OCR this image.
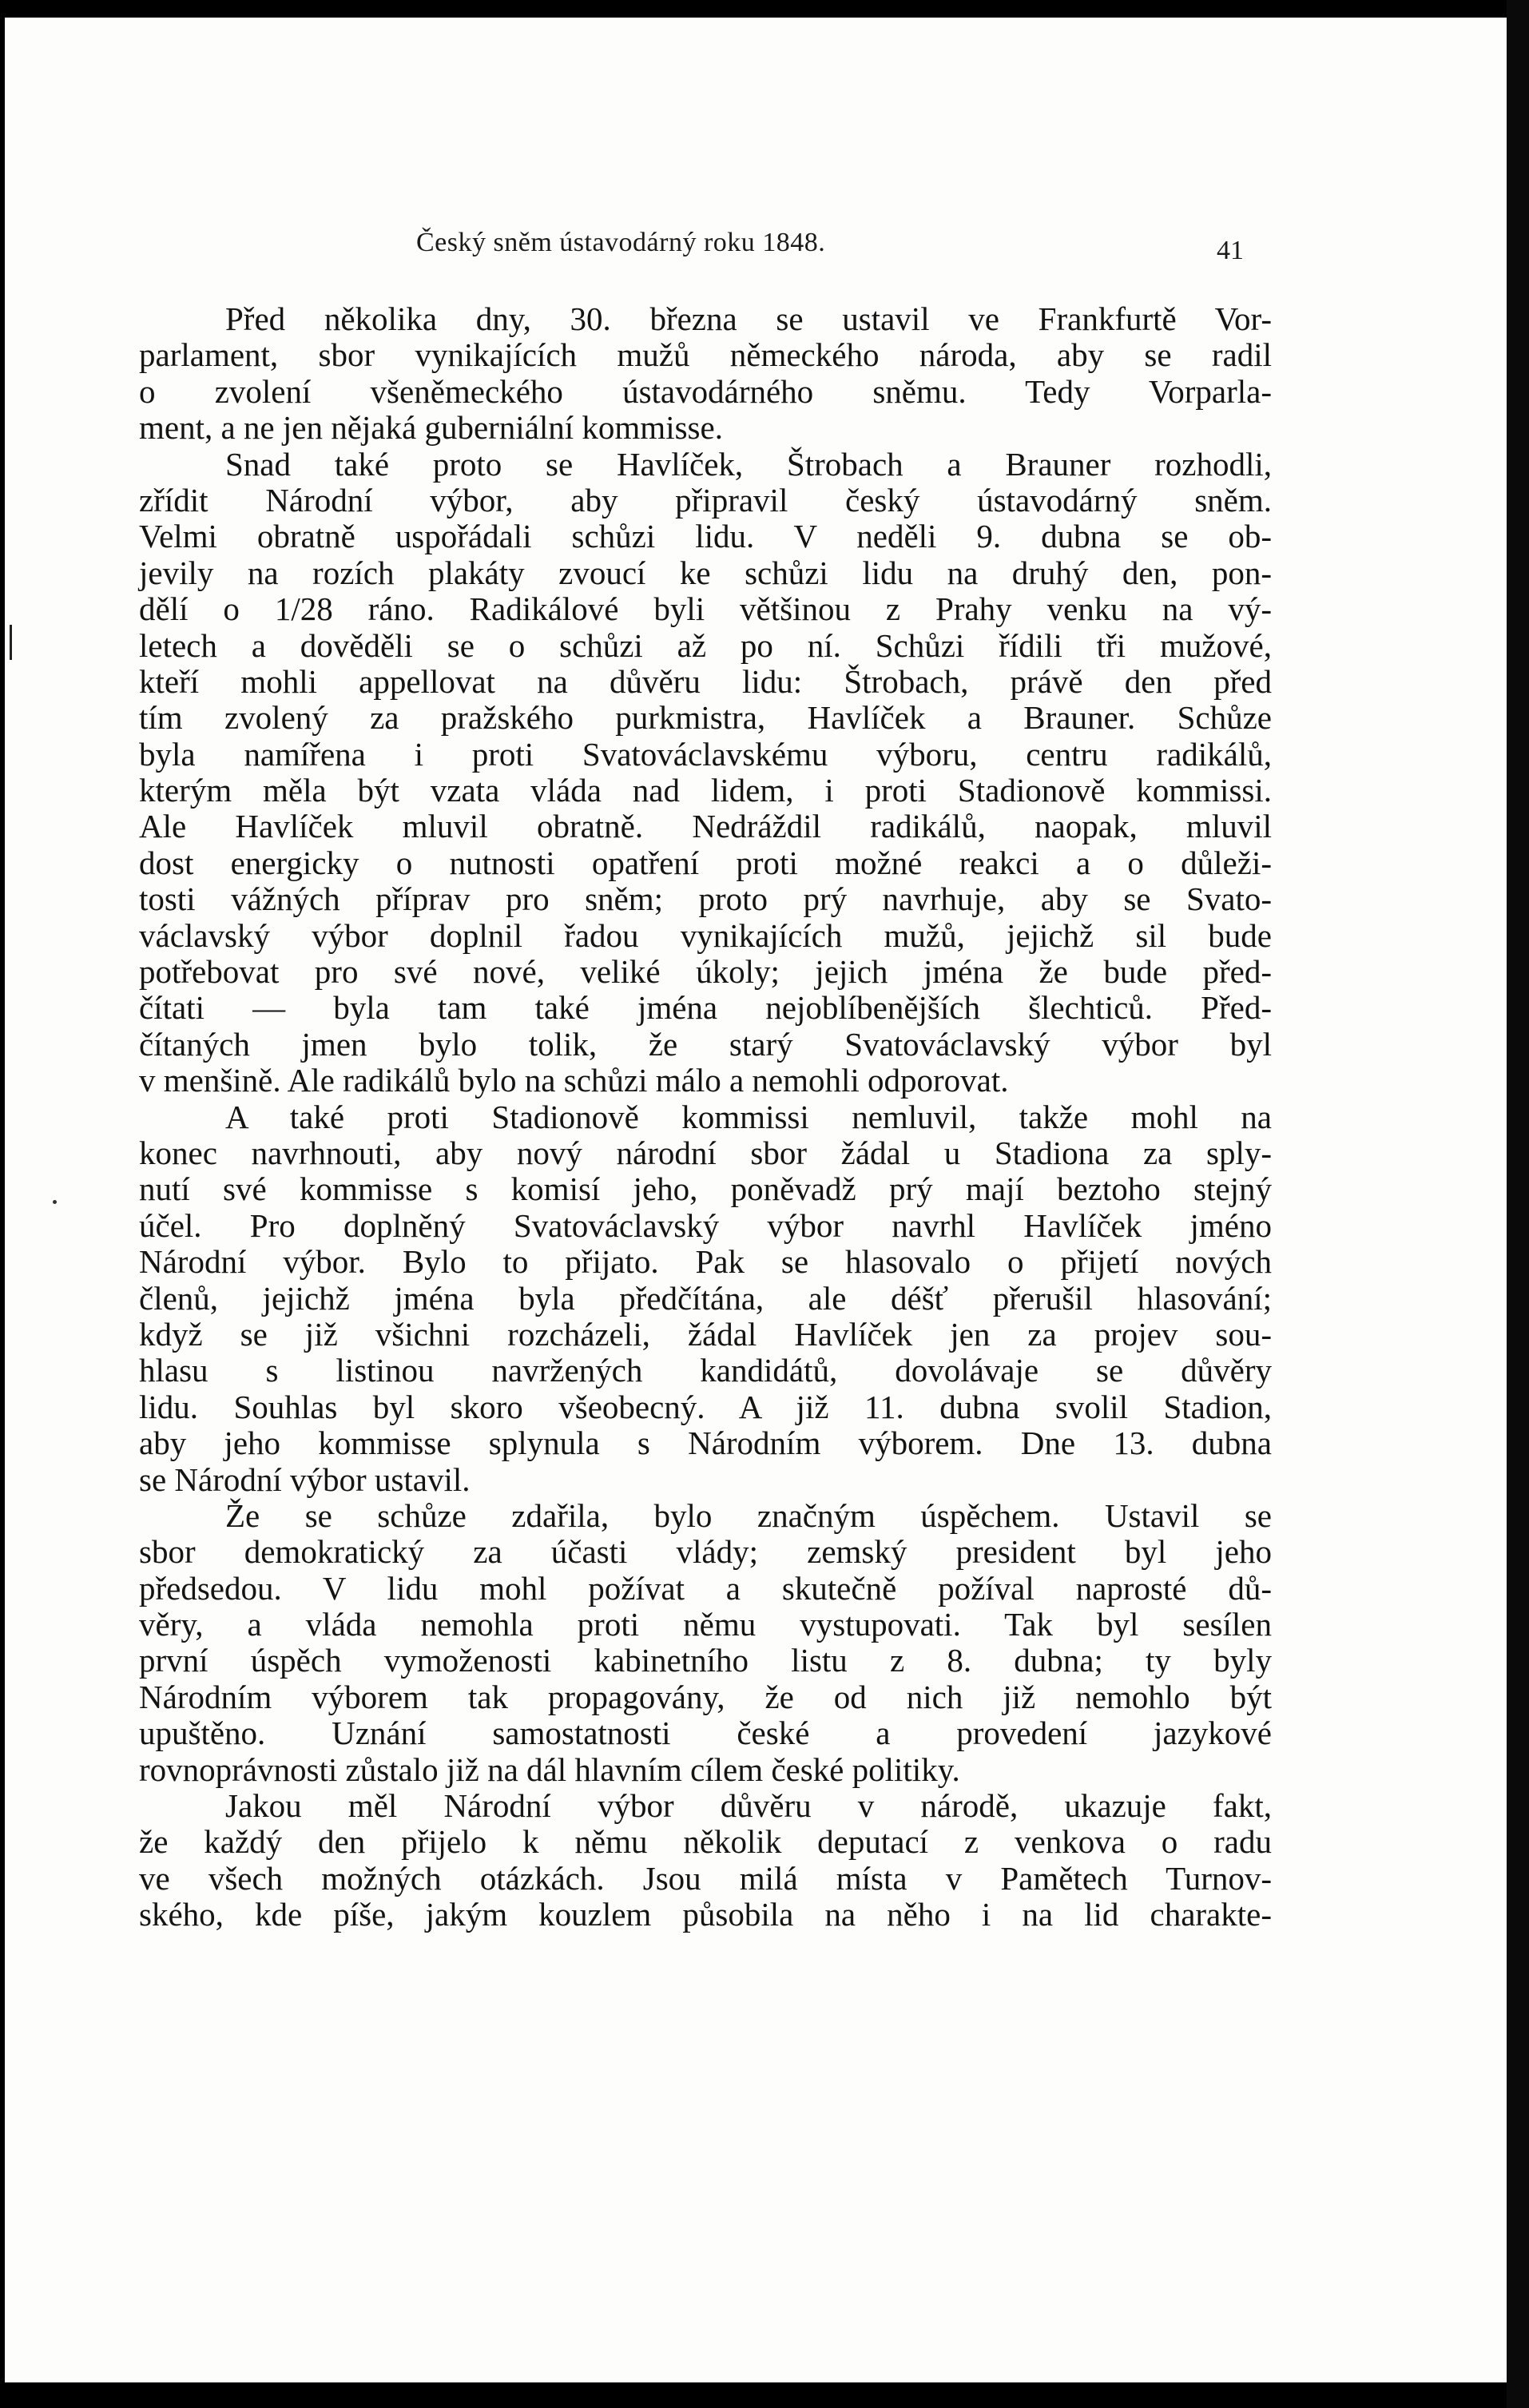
Český sněm ústavodárný roku 1848.	41
Před několika dny, 30. března se ustavil ve Frankfurtě Vor-
parlament, sbor vynikajících mužů německého národa, aby se radil
o zvolení všeněmeckého ústavodárného sněmu. Tedy Vorparla-
ment, a ne jen nějaká guberniální kommisse.
Snad také proto se Havlíček, Štrobach a Brauner rozhodli,
zřídit Národní výbor, aby připravil český ústavodárný sněm.
Velmi obratně uspořádali schůzi lidu. V neděli 9. dubna se ob-
jevily na rozích plakáty zvoucí ke schůzi lidu na druhý den, pon-
dělí o 1/28 ráno. Radikálové byli většinou z Prahy venku na vý-
letech a dověděli se o schůzi až po ní. Schůzi řídili tři mužové,
kteří mohli appellovat na důvěru lidu: Štrobach, právě den před
tím zvolený za pražského purkmistra, Havlíček a Brauner. Schůze
byla namířena i proti Svatováclavskému výboru, centru radikálů,
kterým měla být vzata vláda nad lidem, i proti Stadionově kommissi.
Ale Havlíček mluvil obratně. Nedráždil radikálů, naopak, mluvil
dost energicky o nutnosti opatření proti možné reakci a o důleži-
tosti vážných příprav pro sněm; proto prý navrhuje, aby se Svato-
václavský výbor doplnil řadou vynikajících mužů, jejichž sil bude
potřebovat pro své nové, veliké úkoly; jejich jména že bude před-
čítati — byla tam také jména nejoblíbenějších šlechticů. Před-
čítaných jmen bylo tolik, že starý Svatováclavský výbor byl
v menšině. Ale radikálů bylo na schůzi málo a nemohli odporovat.
A také proti Stadionově kommissi nemluvil, takže mohl na
konec navrhnouti, aby nový národní sbor žádal u Stadiona za sply-
nutí své kommisse s komisí jeho, poněvadž prý mají beztoho stejný
účel. Pro doplněný Svatováclavský výbor navrhl Havlíček jméno
Národní výbor. Bylo to přijato. Pak se hlasovalo o přijetí nových
členů, jejichž jména byla předčítána, ale déšť přerušil hlasování;
když se již všichni rozcházeli, žádal Havlíček jen za projev sou-
hlasu s listinou navržených kandidátů, dovolávaje se důvěry
lidu. Souhlas byl skoro všeobecný. A již 11. dubna svolil Stadion,
aby jeho kommisse splynula s Národním výborem. Dne 13. dubna
se Národní výbor ustavil.
Že se schůze zdařila, bylo značným úspěchem. Ustavil se
sbor demokratický za účasti vlády; zemský president byl jeho
předsedou. V lidu mohl požívat a skutečně požíval naprosté dů-
věry, a vláda nemohla proti němu vystupovati. Tak byl sesílen
první úspěch vymoženosti kabinetního listu z 8. dubna; ty byly
Národním výborem tak propagovány, že od nich již nemohlo být
upuštěno. Uznání samostatnosti české a provedení jazykové
rovnoprávnosti zůstalo již na dál hlavním cílem české politiky.
Jakou měl Národní výbor důvěru v národě, ukazuje fakt,
že každý den přijelo k němu několik deputací z venkova o radu
ve všech možných otázkách. Jsou milá místa v Pamětech Turnov-
ského, kde píše, jakým kouzlem působila na něho i na lid charakte-
